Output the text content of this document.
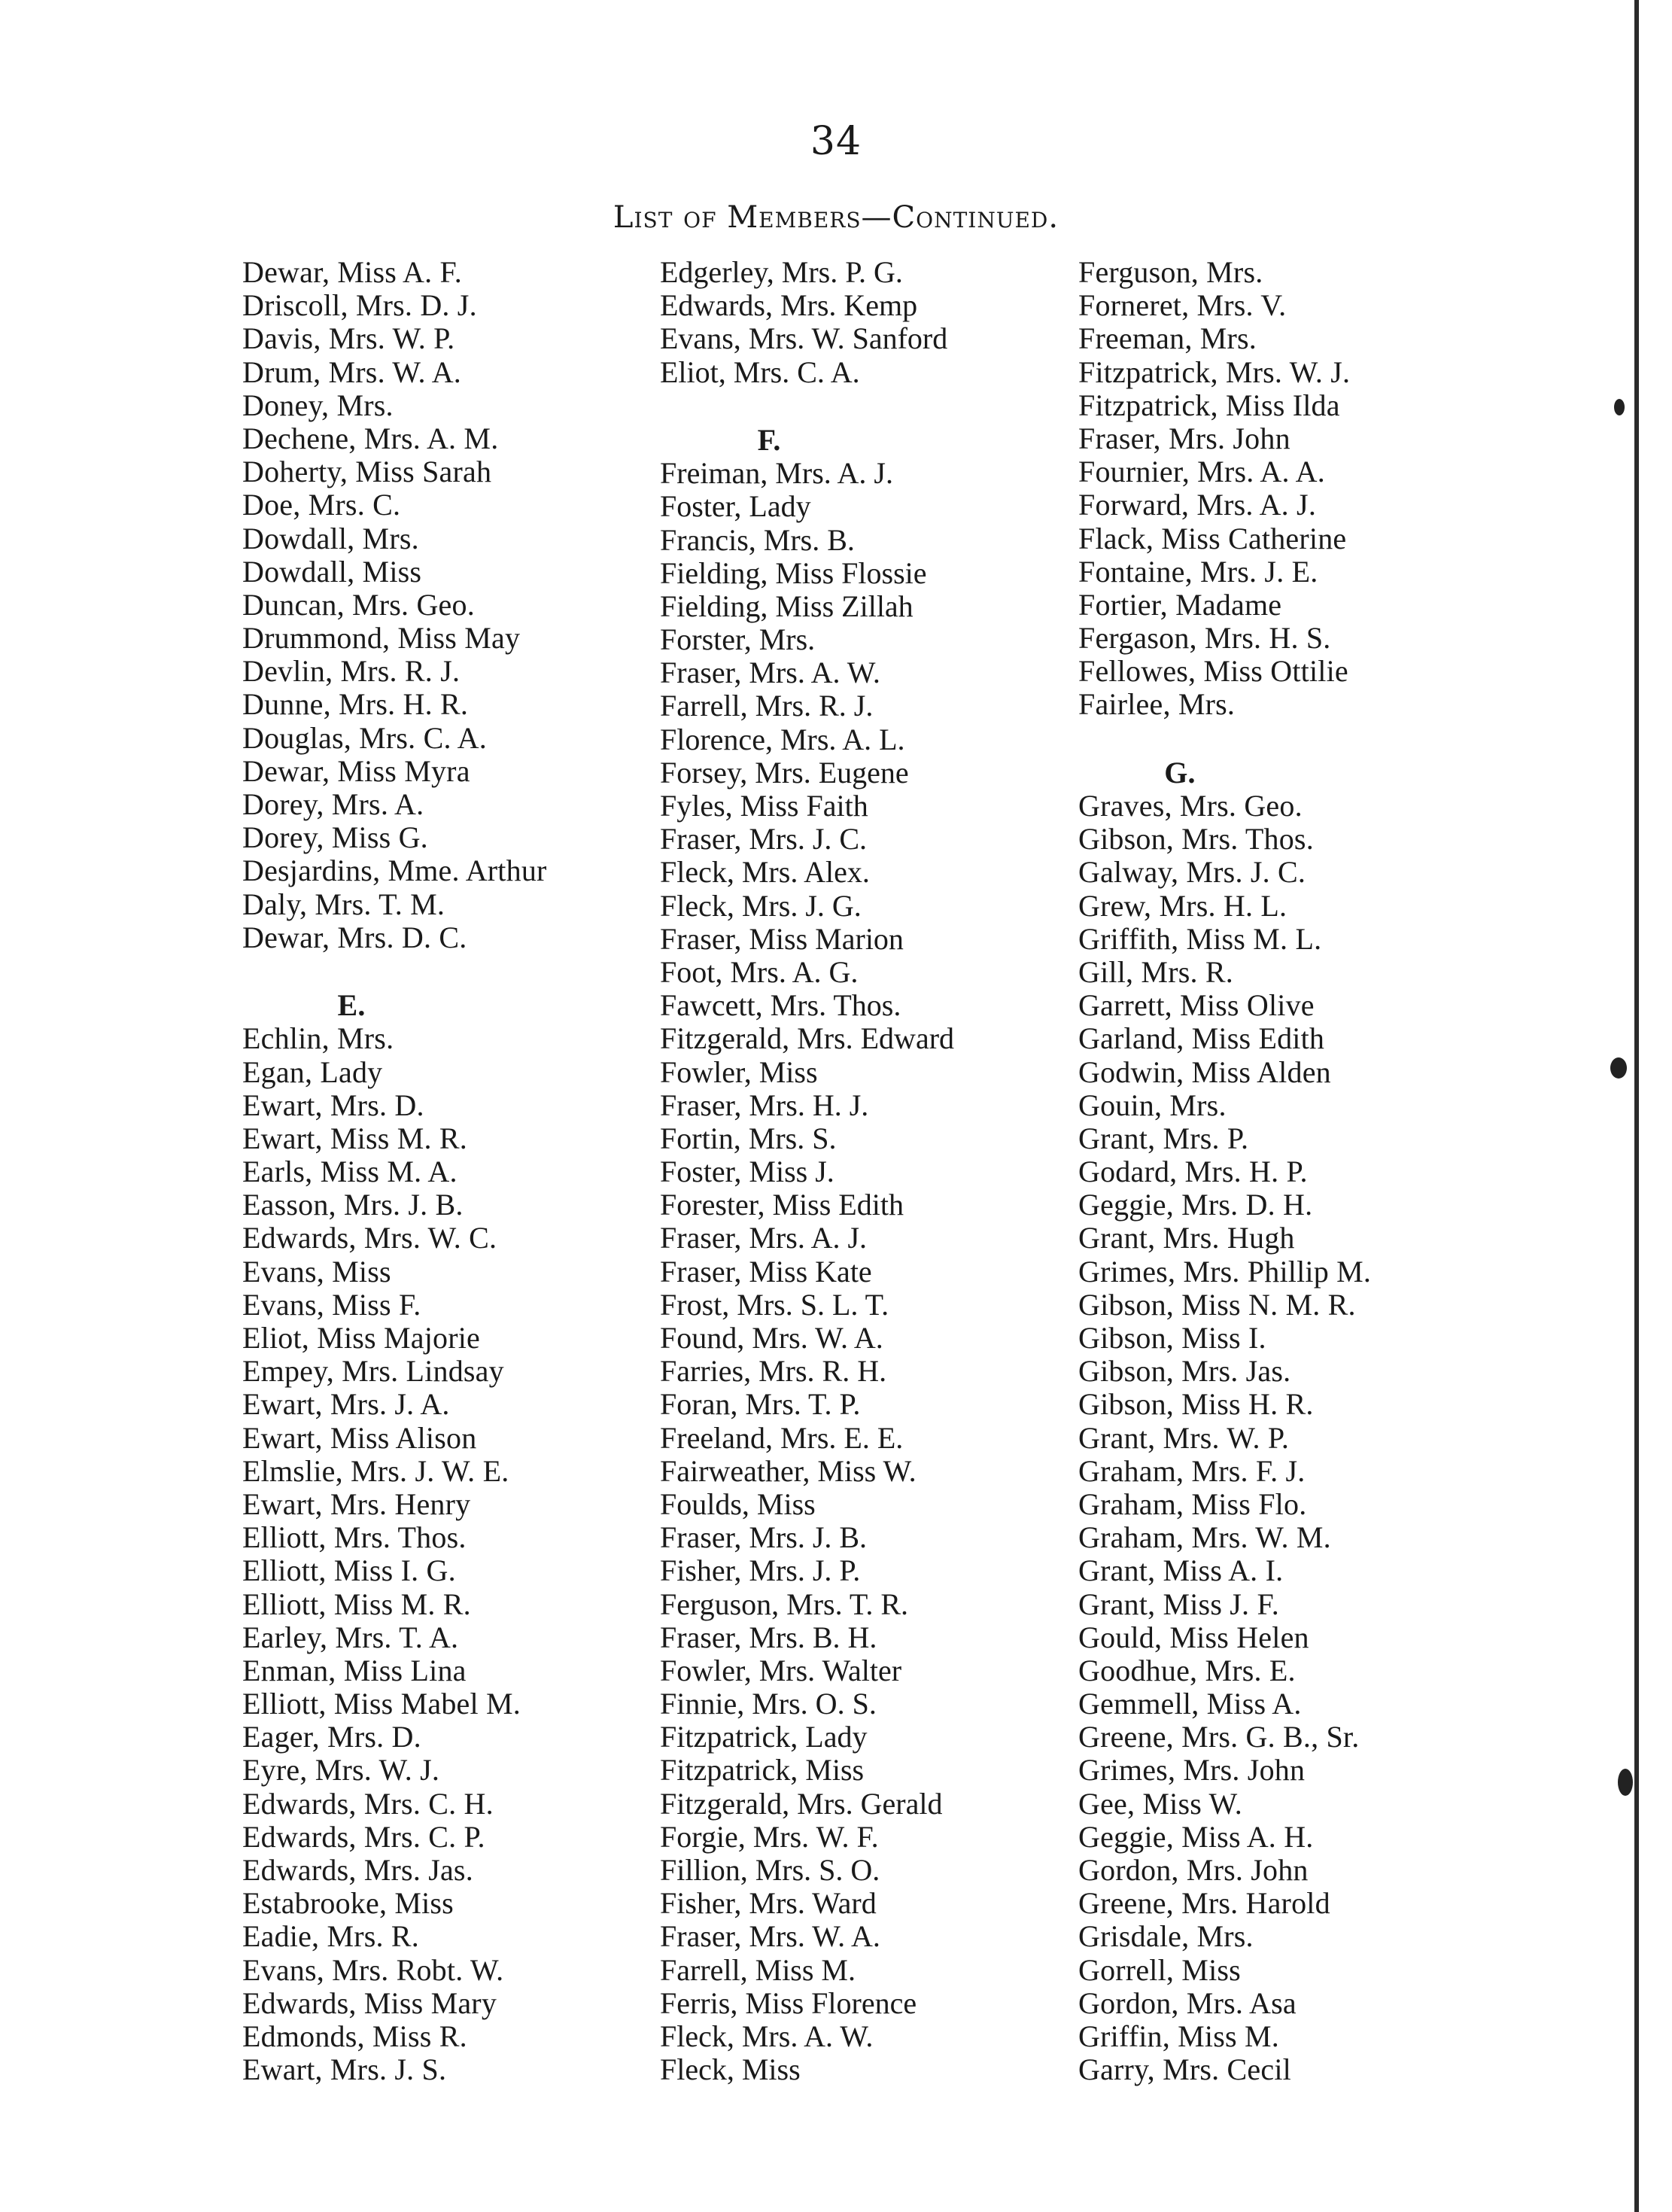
34
List of Members—Continued.
Dewar, Miss A. F.
Driscoll, Mrs. D. J.
Davis, Mrs. W. P.
Drum, Mrs. W. A.
Doney, Mrs.
Dechene, Mrs. A. M.
Doherty, Miss Sarah
Doe, Mrs. C.
Dowdall, Mrs.
Dowdall, Miss
Duncan, Mrs. Geo.
Drummond, Miss May
Devlin, Mrs. R. J.
Dunne, Mrs. H. R.
Douglas, Mrs. C. A.
Dewar, Miss Myra
Dorey, Mrs. A.
Dorey, Miss G.
Desjardins, Mme. Arthur
Daly, Mrs. T. M.
Dewar, Mrs. D. C.
E.
Echlin, Mrs.
Egan, Lady
Ewart, Mrs. D.
Ewart, Miss M. R.
Earls, Miss M. A.
Easson, Mrs. J. B.
Edwards, Mrs. W. C.
Evans, Miss
Evans, Miss F.
Eliot, Miss Majorie
Empey, Mrs. Lindsay
Ewart, Mrs. J. A.
Ewart, Miss Alison
Elmslie, Mrs. J. W. E.
Ewart, Mrs. Henry
Elliott, Mrs. Thos.
Elliott, Miss I. G.
Elliott, Miss M. R.
Earley, Mrs. T. A.
Enman, Miss Lina
Elliott, Miss Mabel M.
Eager, Mrs. D.
Eyre, Mrs. W. J.
Edwards, Mrs. C. H.
Edwards, Mrs. C. P.
Edwards, Mrs. Jas.
Estabrooke, Miss
Eadie, Mrs. R.
Evans, Mrs. Robt. W.
Edwards, Miss Mary
Edmonds, Miss R.
Ewart, Mrs. J. S.
Edgerley, Mrs. P. G.
Edwards, Mrs. Kemp
Evans, Mrs. W. Sanford
Eliot, Mrs. C. A.
F.
Freiman, Mrs. A. J.
Foster, Lady
Francis, Mrs. B.
Fielding, Miss Flossie
Fielding, Miss Zillah
Forster, Mrs.
Fraser, Mrs. A. W.
Farrell, Mrs. R. J.
Florence, Mrs. A. L.
Forsey, Mrs. Eugene
Fyles, Miss Faith
Fraser, Mrs. J. C.
Fleck, Mrs. Alex.
Fleck, Mrs. J. G.
Fraser, Miss Marion
Foot, Mrs. A. G.
Fawcett, Mrs. Thos.
Fitzgerald, Mrs. Edward
Fowler, Miss
Fraser, Mrs. H. J.
Fortin, Mrs. S.
Foster, Miss J.
Forester, Miss Edith
Fraser, Mrs. A. J.
Fraser, Miss Kate
Frost, Mrs. S. L. T.
Found, Mrs. W. A.
Farries, Mrs. R. H.
Foran, Mrs. T. P.
Freeland, Mrs. E. E.
Fairweather, Miss W.
Foulds, Miss
Fraser, Mrs. J. B.
Fisher, Mrs. J. P.
Ferguson, Mrs. T. R.
Fraser, Mrs. B. H.
Fowler, Mrs. Walter
Finnie, Mrs. O. S.
Fitzpatrick, Lady
Fitzpatrick, Miss
Fitzgerald, Mrs. Gerald
Forgie, Mrs. W. F.
Fillion, Mrs. S. O.
Fisher, Mrs. Ward
Fraser, Mrs. W. A.
Farrell, Miss M.
Ferris, Miss Florence
Fleck, Mrs. A. W.
Fleck, Miss
Ferguson, Mrs.
Forneret, Mrs. V.
Freeman, Mrs.
Fitzpatrick, Mrs. W. J.
Fitzpatrick, Miss Ilda
Fraser, Mrs. John
Fournier, Mrs. A. A.
Forward, Mrs. A. J.
Flack, Miss Catherine
Fontaine, Mrs. J. E.
Fortier, Madame
Fergason, Mrs. H. S.
Fellowes, Miss Ottilie
Fairlee, Mrs.
G.
Graves, Mrs. Geo.
Gibson, Mrs. Thos.
Galway, Mrs. J. C.
Grew, Mrs. H. L.
Griffith, Miss M. L.
Gill, Mrs. R.
Garrett, Miss Olive
Garland, Miss Edith
Godwin, Miss Alden
Gouin, Mrs.
Grant, Mrs. P.
Godard, Mrs. H. P.
Geggie, Mrs. D. H.
Grant, Mrs. Hugh
Grimes, Mrs. Phillip M.
Gibson, Miss N. M. R.
Gibson, Miss I.
Gibson, Mrs. Jas.
Gibson, Miss H. R.
Grant, Mrs. W. P.
Graham, Mrs. F. J.
Graham, Miss Flo.
Graham, Mrs. W. M.
Grant, Miss A. I.
Grant, Miss J. F.
Gould, Miss Helen
Goodhue, Mrs. E.
Gemmell, Miss A.
Greene, Mrs. G. B., Sr.
Grimes, Mrs. John
Gee, Miss W.
Geggie, Miss A. H.
Gordon, Mrs. John
Greene, Mrs. Harold
Grisdale, Mrs.
Gorrell, Miss
Gordon, Mrs. Asa
Griffin, Miss M.
Garry, Mrs. Cecil
